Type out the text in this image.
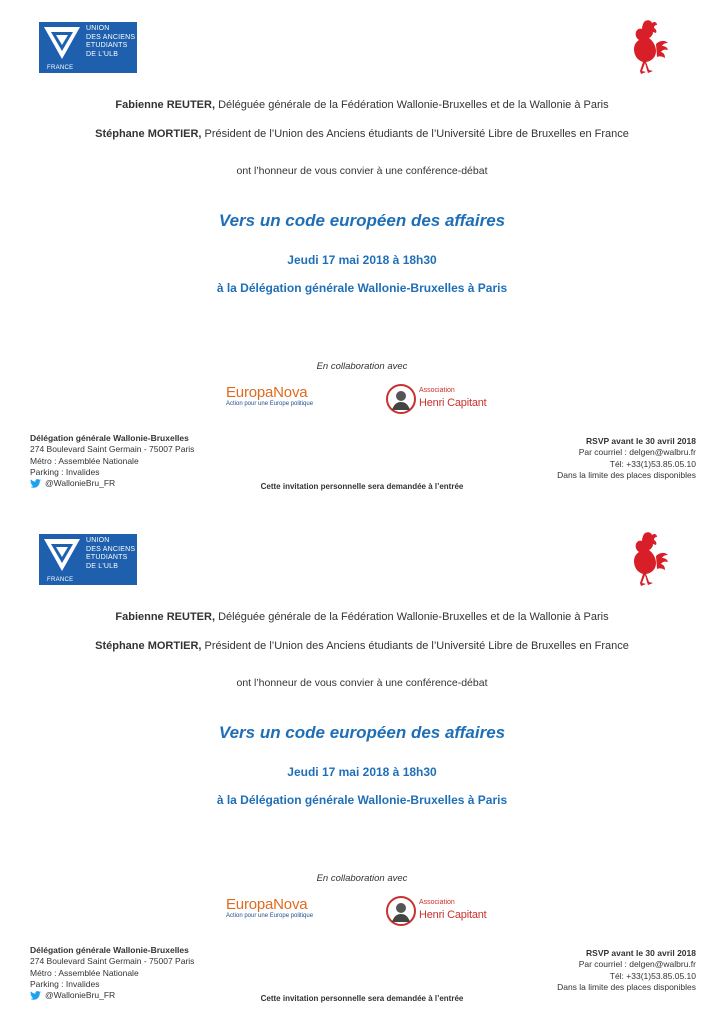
UNION
DES ANCIENS
ETUDIANTS
DE L'ULB
FRANCE
Fabienne REUTER, Déléguée générale de la Fédération Wallonie-Bruxelles et de la Wallonie à Paris
Stéphane MORTIER, Président de l’Union des Anciens étudiants de l’Université Libre de Bruxelles en France
ont l’honneur de vous convier à une conférence-débat
Vers un code européen des affaires
Jeudi 17 mai 2018 à 18h30
à la Délégation générale Wallonie-Bruxelles à Paris
En collaboration avec
EuropaNova
Action pour une Europe politique
Association
Henri Capitant
Délégation générale Wallonie-Bruxelles
274 Boulevard Saint Germain - 75007 Paris
Métro : Assemblée Nationale
Parking : Invalides
@WallonieBru_FR
RSVP avant le 30 avril 2018
Par courriel : delgen@walbru.fr
Tél: +33(1)53.85.05.10
Dans la limite des places disponibles
Cette invitation personnelle sera demandée à l’entrée
UNION
DES ANCIENS
ETUDIANTS
DE L'ULB
FRANCE
Fabienne REUTER, Déléguée générale de la Fédération Wallonie-Bruxelles et de la Wallonie à Paris
Stéphane MORTIER, Président de l’Union des Anciens étudiants de l’Université Libre de Bruxelles en France
ont l’honneur de vous convier à une conférence-débat
Vers un code européen des affaires
Jeudi 17 mai 2018 à 18h30
à la Délégation générale Wallonie-Bruxelles à Paris
En collaboration avec
EuropaNova
Action pour une Europe politique
Association
Henri Capitant
Délégation générale Wallonie-Bruxelles
274 Boulevard Saint Germain - 75007 Paris
Métro : Assemblée Nationale
Parking : Invalides
@WallonieBru_FR
RSVP avant le 30 avril 2018
Par courriel : delgen@walbru.fr
Tél: +33(1)53.85.05.10
Dans la limite des places disponibles
Cette invitation personnelle sera demandée à l’entrée
